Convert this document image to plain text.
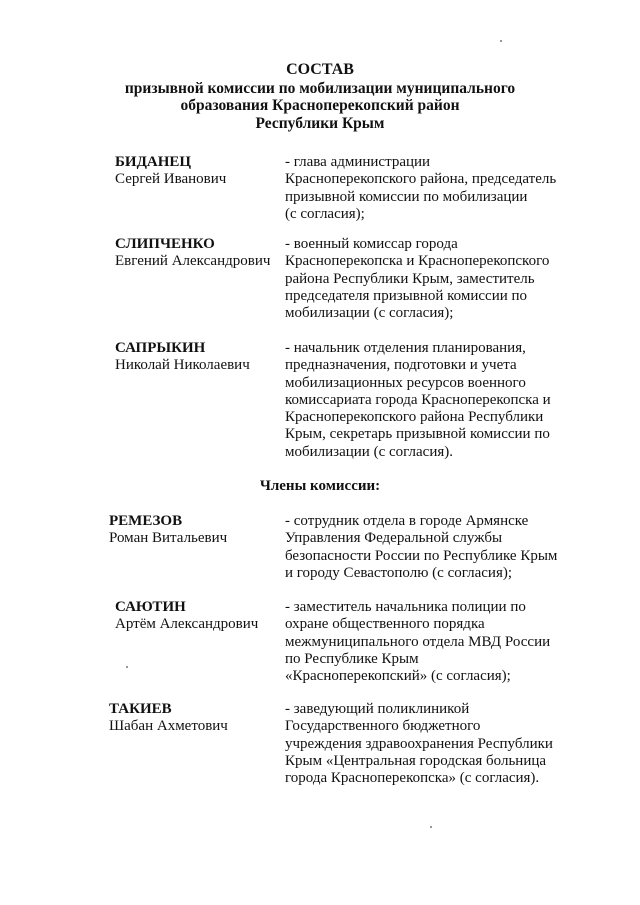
СОСТАВ
призывной комиссии по мобилизации муниципального
образования Красноперекопский район
Республики Крым
БИДАНЕЦ
Сергей Иванович
- глава администрации
Красноперекопского района, председатель
призывной комиссии по мобилизации
(с согласия);
СЛИПЧЕНКО
Евгений Александрович
- военный комиссар города
Красноперекопска и Красноперекопского
района Республики Крым, заместитель
председателя призывной комиссии по
мобилизации (с согласия);
САПРЫКИН
Николай Николаевич
- начальник отделения планирования,
предназначения, подготовки и учета
мобилизационных ресурсов военного
комиссариата города Красноперекопска и
Красноперекопского района Республики
Крым, секретарь призывной комиссии по
мобилизации (с согласия).
Члены комиссии:
РЕМЕЗОВ
Роман Витальевич
- сотрудник отдела в городе Армянске
Управления Федеральной службы
безопасности России по Республике Крым
и городу Севастополю (с согласия);
САЮТИН
Артём Александрович
- заместитель начальника полиции по
охране общественного порядка
межмуниципального отдела МВД России
по Республике Крым
«Красноперекопский» (с согласия);
ТАКИЕВ
Шабан Ахметович
- заведующий поликлиникой
Государственного бюджетного
учреждения здравоохранения Республики
Крым «Центральная городская больница
города Красноперекопска» (с согласия).
